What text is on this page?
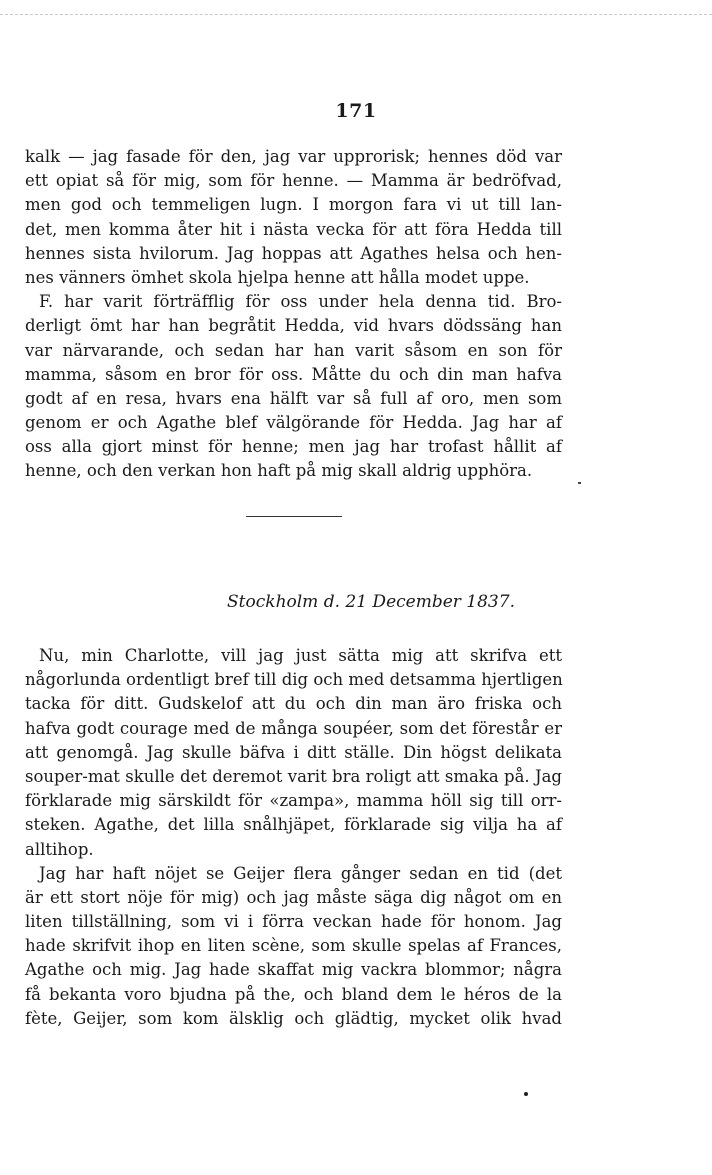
171
kalk — jag fasade för den, jag var upprorisk; hennes död var
ett opiat så för mig, som för henne. — Mamma är bedröfvad,
men god och temmeligen lugn. I morgon fara vi ut till lan-
det, men komma åter hit i nästa vecka för att föra Hedda till
hennes sista hvilorum. Jag hoppas att Agathes helsa och hen-
nes vänners ömhet skola hjelpa henne att hålla modet uppe.
F. har varit förträfflig för oss under hela denna tid. Bro-
derligt ömt har han begråtit Hedda, vid hvars dödssäng han
var närvarande, och sedan har han varit såsom en son för
mamma, såsom en bror för oss. Måtte du och din man hafva
godt af en resa, hvars ena hälft var så full af oro, men som
genom er och Agathe blef välgörande för Hedda. Jag har af
oss alla gjort minst för henne; men jag har trofast hållit af
henne, och den verkan hon haft på mig skall aldrig upphöra.
Stockholm d. 21 December 1837.
Nu, min Charlotte, vill jag just sätta mig att skrifva ett
någorlunda ordentligt bref till dig och med detsamma hjertligen
tacka för ditt. Gudskelof att du och din man äro friska och
hafva godt courage med de många soupéer, som det förestår er
att genomgå. Jag skulle bäfva i ditt ställe. Din högst delikata
souper-mat skulle det deremot varit bra roligt att smaka på. Jag
förklarade mig särskildt för «zampa», mamma höll sig till orr-
steken. Agathe, det lilla snålhjäpet, förklarade sig vilja ha af
alltihop.
Jag har haft nöjet se Geijer flera gånger sedan en tid (det
är ett stort nöje för mig) och jag måste säga dig något om en
liten tillställning, som vi i förra veckan hade för honom. Jag
hade skrifvit ihop en liten scène, som skulle spelas af Frances,
Agathe och mig. Jag hade skaffat mig vackra blommor; några
få bekanta voro bjudna på the, och bland dem le héros de la
fète, Geijer, som kom älsklig och glädtig, mycket olik hvad
